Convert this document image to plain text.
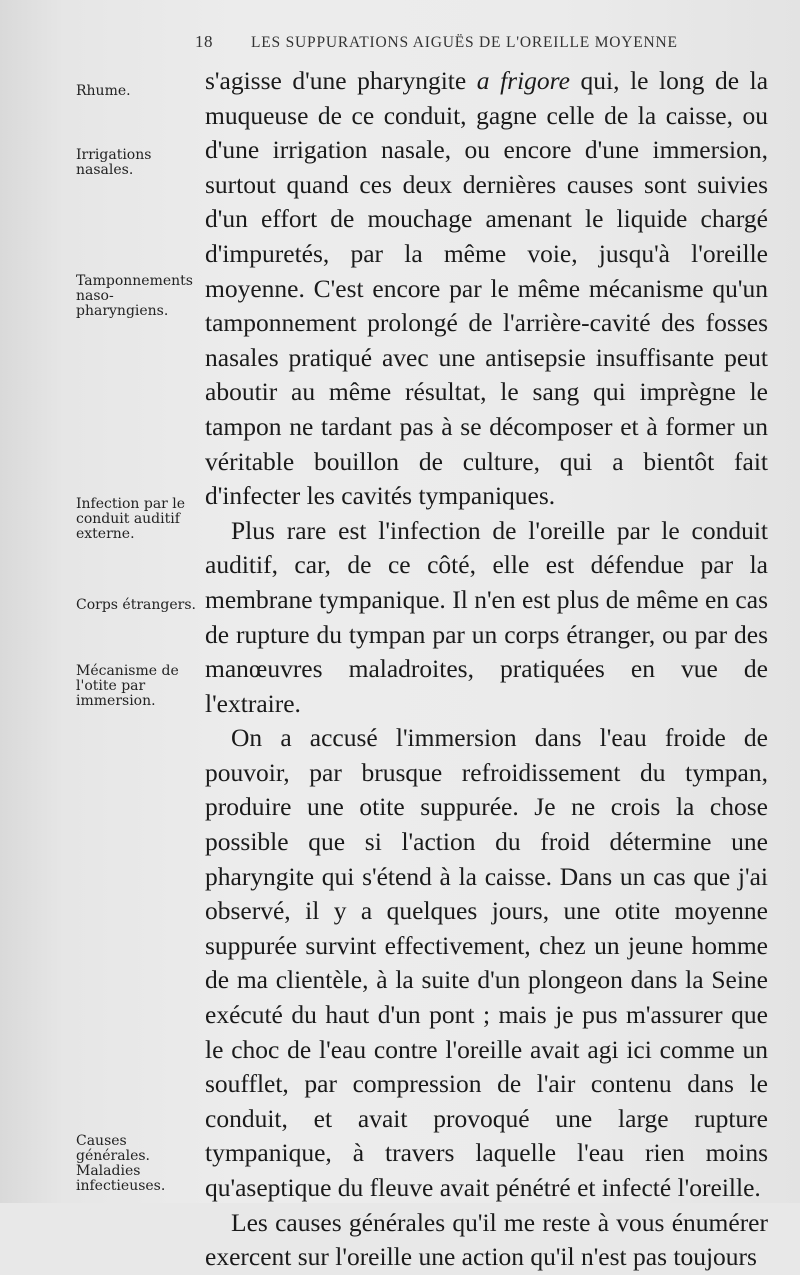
18 LES SUPPURATIONS AIGUËS DE L'OREILLE MOYENNE
Rhume.
Irrigations nasales.
Tamponnements naso-pharyngiens.
Infection par le conduit auditif externe.
Corps étrangers.
Mécanisme de l'otite par immersion.
Causes générales. Maladies infectieuses.

s'agisse d'une pharyngite a frigore qui, le long de la muqueuse de ce conduit, gagne celle de la caisse, ou d'une irrigation nasale, ou encore d'une immersion, surtout quand ces deux dernières causes sont suivies d'un effort de mouchage amenant le liquide chargé d'impuretés, par la même voie, jusqu'à l'oreille moyenne. C'est encore par le même mécanisme qu'un tamponnement prolongé de l'arrière-cavité des fosses nasales pratiqué avec une antisepsie insuffisante peut aboutir au même résultat, le sang qui imprègne le tampon ne tardant pas à se décomposer et à former un véritable bouillon de culture, qui a bientôt fait d'infecter les cavités tympaniques.

Plus rare est l'infection de l'oreille par le conduit auditif, car, de ce côté, elle est défendue par la membrane tympanique. Il n'en est plus de même en cas de rupture du tympan par un corps étranger, ou par des manœuvres maladroites, pratiquées en vue de l'extraire.

On a accusé l'immersion dans l'eau froide de pouvoir, par brusque refroidissement du tympan, produire une otite suppurée. Je ne crois la chose possible que si l'action du froid détermine une pharyngite qui s'étend à la caisse. Dans un cas que j'ai observé, il y a quelques jours, une otite moyenne suppurée survint effectivement, chez un jeune homme de ma clientèle, à la suite d'un plongeon dans la Seine exécuté du haut d'un pont ; mais je pus m'assurer que le choc de l'eau contre l'oreille avait agi ici comme un soufflet, par compression de l'air contenu dans le conduit, et avait provoqué une large rupture tympanique, à travers laquelle l'eau rien moins qu'aseptique du fleuve avait pénétré et infecté l'oreille.

Les causes générales qu'il me reste à vous énumérer exercent sur l'oreille une action qu'il n'est pas toujours
